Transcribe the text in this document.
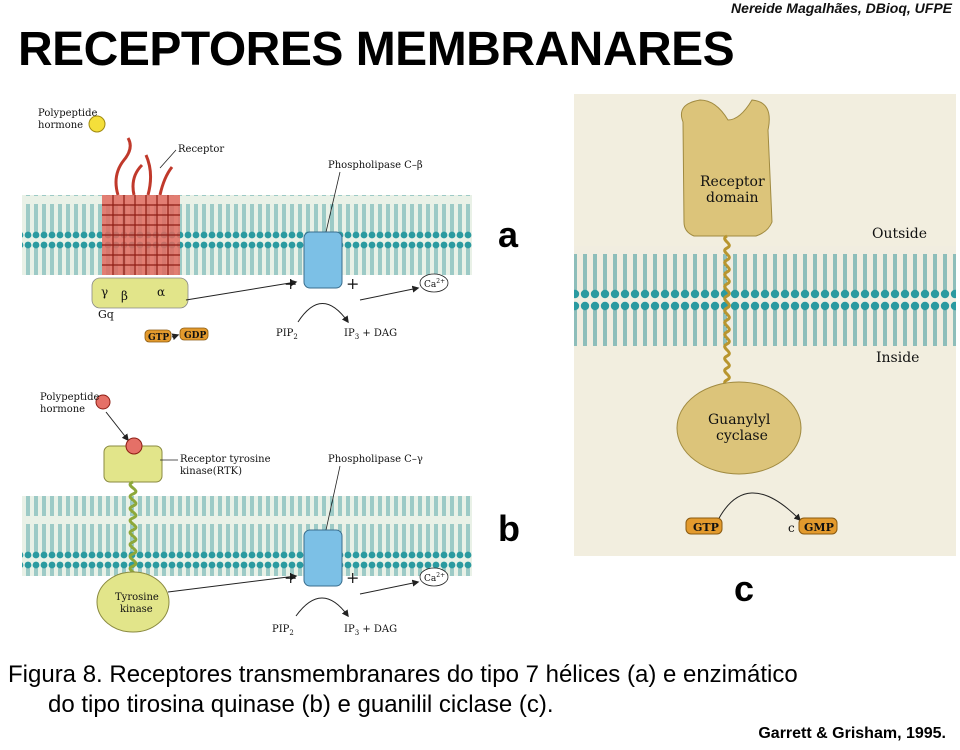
Nereide Magalhães, DBioq, UFPE
RECEPTORES MEMBRANARES
Polypeptide
hormone
Receptor
Phospholipase C–β
γ β α
Gq
GTP GDP
+	+
$PIP_2$	$IP_3$ + DAG
$Ca^{2+}$
Polypeptide
hormone
Receptor tyrosine
kinase(RTK)
Tyrosine
kinase
Phospholipase C–γ
+	+
$PIP_2$	$IP_3$ + DAG
$Ca^{2+}$
Receptor
domain
Outside
Inside
Guanylyl
cyclase
GTP	c GMP
a
b
c
Figura 8. Receptores transmembranares do tipo 7 hélices (a) e enzimático
do tipo tirosina quinase (b) e guanilil ciclase (c).
Garrett & Grisham, 1995.
